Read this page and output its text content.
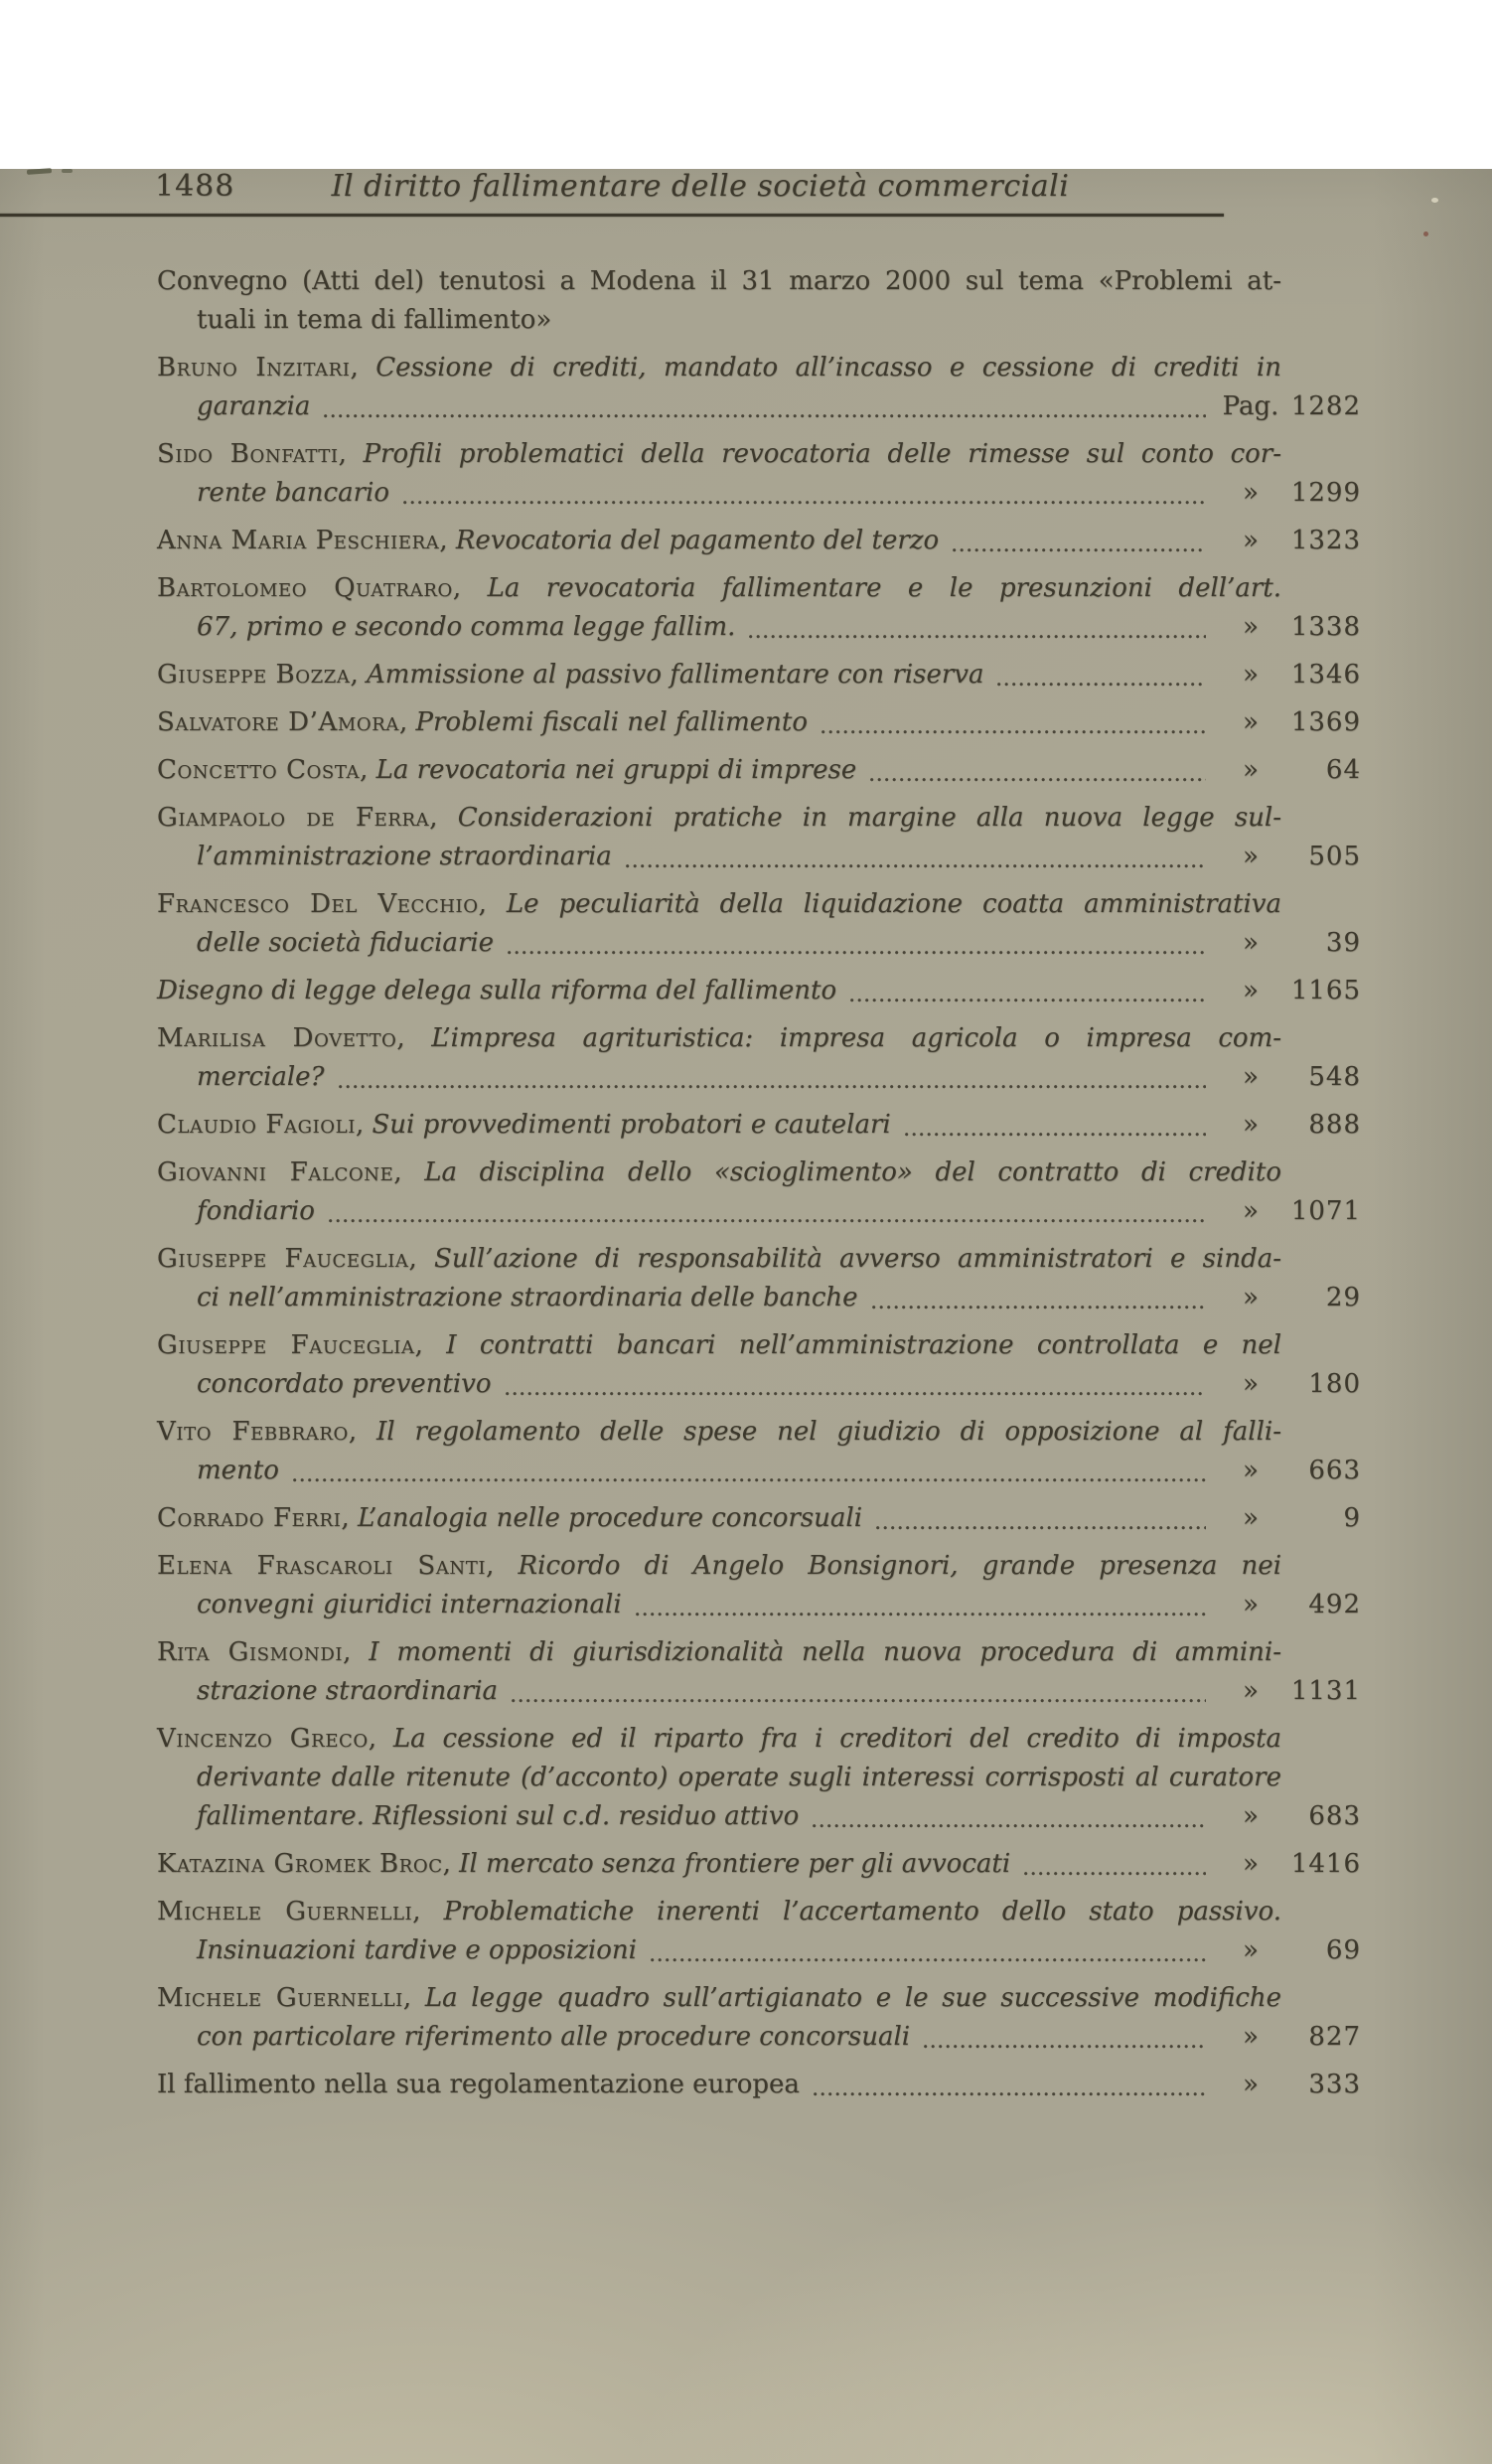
1488	Il diritto fallimentare delle società commerciali
Convegno (Atti del) tenutosi a Modena il 31 marzo 2000 sul tema «Problemi at-
tuali in tema di fallimento»
Bruno Inzitari, Cessione di crediti, mandato all’incasso e cessione di crediti in
garanzia	Pag. 1282
Sido Bonfatti, Profili problematici della revocatoria delle rimesse sul conto cor-
rente bancario	»	1299
Anna Maria Peschiera, Revocatoria del pagamento del terzo	»	1323
Bartolomeo Quatraro, La revocatoria fallimentare e le presunzioni dell’art.
67, primo e secondo comma legge fallim.	»	1338
Giuseppe Bozza, Ammissione al passivo fallimentare con riserva	»	1346
Salvatore D’Amora, Problemi fiscali nel fallimento	»	1369
Concetto Costa, La revocatoria nei gruppi di imprese	»	64
Giampaolo de Ferra, Considerazioni pratiche in margine alla nuova legge sul-
l’amministrazione straordinaria	»	505
Francesco Del Vecchio, Le peculiarità della liquidazione coatta amministrativa
delle società fiduciarie	»	39
Disegno di legge delega sulla riforma del fallimento	»	1165
Marilisa Dovetto, L’impresa agrituristica: impresa agricola o impresa com-
merciale?	»	548
Claudio Fagioli, Sui provvedimenti probatori e cautelari	»	888
Giovanni Falcone, La disciplina dello «scioglimento» del contratto di credito
fondiario	»	1071
Giuseppe Fauceglia, Sull’azione di responsabilità avverso amministratori e sinda-
ci nell’amministrazione straordinaria delle banche	»	29
Giuseppe Fauceglia, I contratti bancari nell’amministrazione controllata e nel
concordato preventivo	»	180
Vito Febbraro, Il regolamento delle spese nel giudizio di opposizione al falli-
mento	»	663
Corrado Ferri, L’analogia nelle procedure concorsuali	»	9
Elena Frascaroli Santi, Ricordo di Angelo Bonsignori, grande presenza nei
convegni giuridici internazionali	»	492
Rita Gismondi, I momenti di giurisdizionalità nella nuova procedura di ammini-
strazione straordinaria	»	1131
Vincenzo Greco, La cessione ed il riparto fra i creditori del credito di imposta
derivante dalle ritenute (d’acconto) operate sugli interessi corrisposti al curatore
fallimentare. Riflessioni sul c.d. residuo attivo	»	683
Katazina Gromek Broc, Il mercato senza frontiere per gli avvocati	»	1416
Michele Guernelli, Problematiche inerenti l’accertamento dello stato passivo.
Insinuazioni tardive e opposizioni	»	69
Michele Guernelli, La legge quadro sull’artigianato e le sue successive modifiche
con particolare riferimento alle procedure concorsuali	»	827
Il fallimento nella sua regolamentazione europea	»	333
